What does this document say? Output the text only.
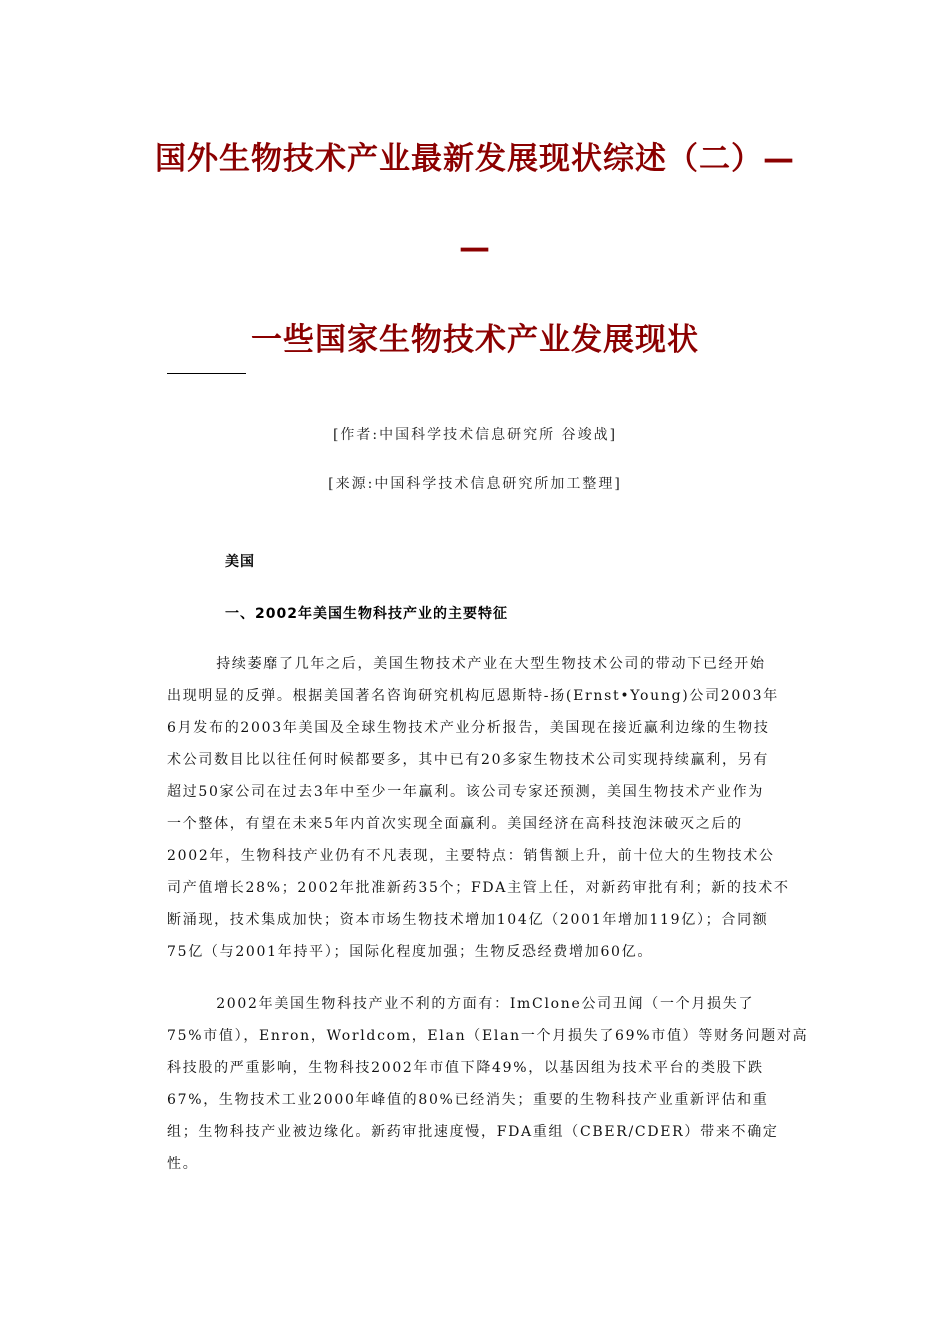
国外生物技术产业最新发展现状综述（二）—
—
一些国家生物技术产业发展现状
[作者:中国科学技术信息研究所 谷竣战]
[来源:中国科学技术信息研究所加工整理]
美国
一、2002年美国生物科技产业的主要特征
持续萎靡了几年之后，美国生物技术产业在大型生物技术公司的带动下已经开始
出现明显的反弹。根据美国著名咨询研究机构厄恩斯特-扬(Ernst•Young)公司2003年
6月发布的2003年美国及全球生物技术产业分析报告，美国现在接近赢利边缘的生物技
术公司数目比以往任何时候都要多，其中已有20多家生物技术公司实现持续赢利，另有
超过50家公司在过去3年中至少一年赢利。该公司专家还预测，美国生物技术产业作为
一个整体，有望在未来5年内首次实现全面赢利。美国经济在高科技泡沫破灭之后的
2002年，生物科技产业仍有不凡表现，主要特点：销售额上升，前十位大的生物技术公
司产值增长28%；2002年批准新药35个；FDA主管上任，对新药审批有利；新的技术不
断涌现，技术集成加快；资本市场生物技术增加104亿（2001年增加119亿）；合同额
75亿（与2001年持平）；国际化程度加强；生物反恐经费增加60亿。
2002年美国生物科技产业不利的方面有：ImClone公司丑闻（一个月损失了
75%市值），Enron，Worldcom，Elan（Elan一个月损失了69%市值）等财务问题对高
科技股的严重影响，生物科技2002年市值下降49%，以基因组为技术平台的类股下跌
67%，生物技术工业2000年峰值的80%已经消失；重要的生物科技产业重新评估和重
组；生物科技产业被边缘化。新药审批速度慢，FDA重组（CBER/CDER）带来不确定
性。
